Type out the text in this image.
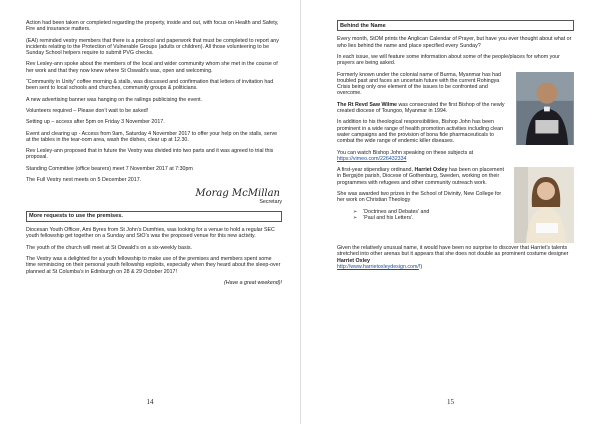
Action had been taken or completed regarding the property, inside and out, with focus on Health and Safety, Fire and insurance matters.

(EAI) reminded vestry members that there is a protocol and paperwork that must be completed to report any incidents relating to the Protection of Vulnerable Groups (adults or children). All those volunteering to be Sunday School helpers require to submit PVG checks.

Rev Lesley-ann spoke about the members of the local and wider community whom she met in the course of her work and that they now knew where St Oswald’s was, open and welcoming.

“Community in Unity” coffee morning & stalls, was discussed and confirmation that letters of invitation had been sent to local schools and churches, community groups & politicians.

A new advertising banner was hanging on the railings publicising the event.

Volunteers required – Please don’t wait to be asked!

Setting up – access after 5pm on Friday 3 November 2017.

Event and clearing up - Access from 9am, Saturday 4 November 2017 to offer your help on the stalls, serve at the tables in the tear-oom area, wash the dishes, clear up at 12.30.

Rev Lesley-ann proposed that in future the Vestry was divided into two parts and it was agreed to trial this proposal.

Standing Committee (office bearers) meet 7 November 2017 at 7:30pm

The Full Vestry next meets on 5 December 2017.

Morag McMillan

Secretary

More requests to use the premises.

Diocesan Youth Officer, Ami Byres from St John’s Dumfries, was looking for a venue to hold a regular SEC youth fellowship get together on a Sunday and StO’s was the proposed venue for this new activity.

The youth of the church will meet at St Oswald’s on a six-weekly basis.

The Vestry was a delighted for a youth fellowship to make use of the premises and members spent some time reminiscing on their personal youth fellowship exploits, especially when they heard about the sleep-over planned at St Columba’s in Edinburgh on 28 & 29 October 2017!

(Have a great weekend)!

14
Behind the Name

Every month, StOM prints the Anglican Calendar of Prayer, but have you ever thought about what or who lies behind the name and place specified every Sunday?

In each issue, we will feature some information about some of the people/places for whom your prayers are being asked.

Formerly known under the colonial name of Burma, Myanmar has had troubled past and faces an uncertain future with the current Rohingya Crisis being only one element of the issues to be confronted and overcome.

The Rt Revd Saw Wilme was consecrated the first Bishop of the newly created diocese of Toungoo, Myanmar in 1994.

In addition to his theological responsibilities, Bishop John has been prominent in a wide range of health promotion activities including clean water campaigns and the provision of bona fide pharmaceuticals to combat the wide range of endemic killer diseases.

You can watch Bishop John speaking on these subjects at
https://vimeo.com/226432334

A first-year stipendiary ordinand, Harriet Oxley has been on placement in Bergsjön parish, Diocese of Gothenburg, Sweden, working on their programmes with refugees and other community outreach work.

She was awarded two prizes in the School of Divinity, New College for her work on Christian Theology

➢ ‘Doctrines and Debates’ and
➢ ‘Paul and his Letters’.

Given the relatively unusual name, it would have been no surprise to discover that Harriet’s talents stretched into other arenas but it appears that she does not double as prominent costume designer Harriet Oxley
http://www.harrietoxleydesign.com/!)

15
